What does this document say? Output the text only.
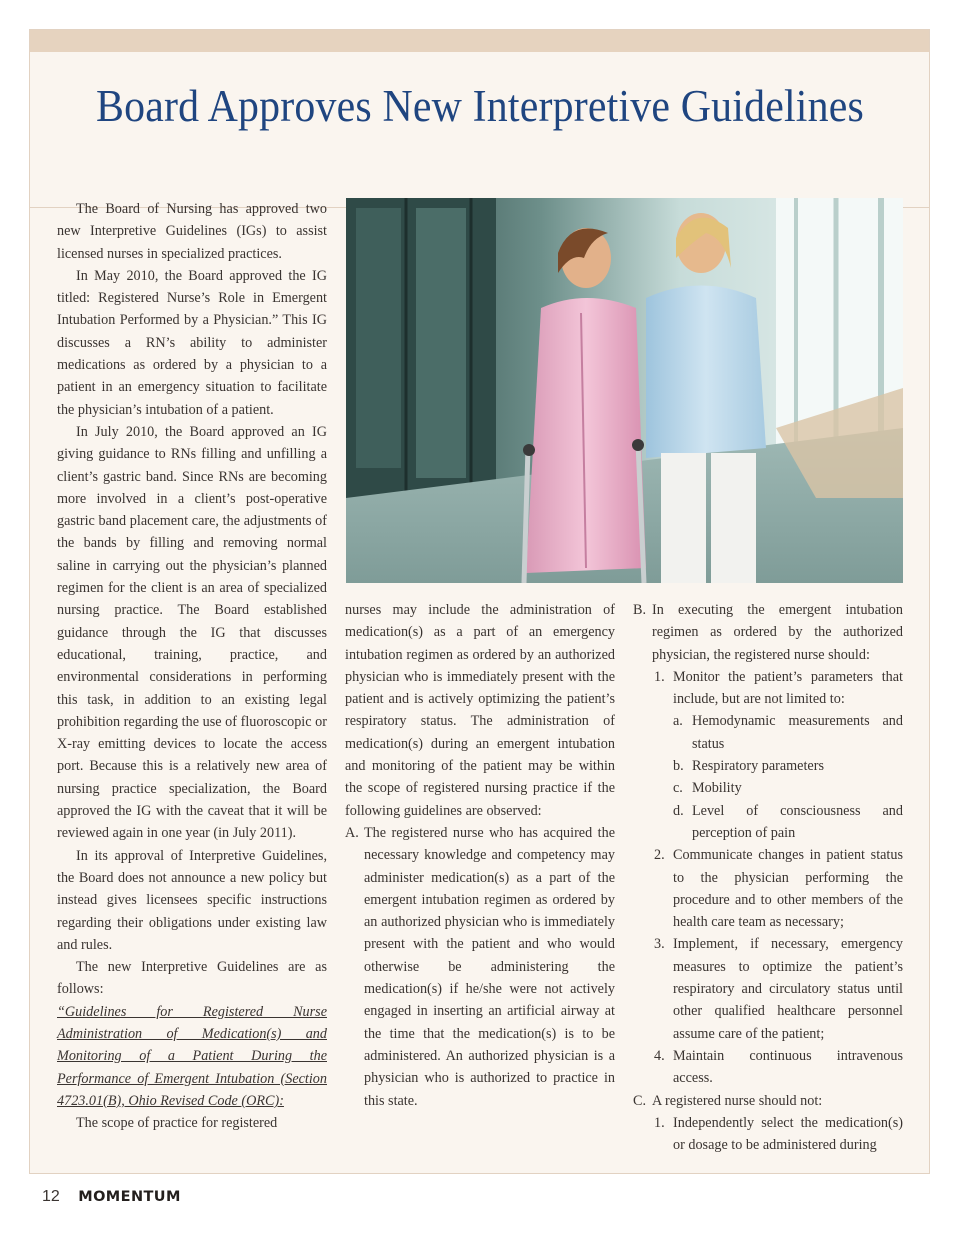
Board Approves New Interpretive Guidelines

The Board of Nursing has approved two new Interpretive Guidelines (IGs) to assist licensed nurses in specialized practices.

In May 2010, the Board approved the IG titled: Registered Nurse’s Role in Emergent Intubation Performed by a Physician.” This IG discusses a RN’s ability to administer medications as ordered by a physician to a patient in an emergency situation to facilitate the physician’s intubation of a patient.

In July 2010, the Board approved an IG giving guidance to RNs filling and unfilling a client’s gastric band. Since RNs are becoming more involved in a client’s post-operative gastric band placement care, the adjustments of the bands by filling and removing normal saline in carrying out the physician’s planned regimen for the client is an area of specialized nursing practice. The Board established guidance through the IG that discusses educational, training, practice, and environmental considerations in performing this task, in addition to an existing legal prohibition regarding the use of fluoroscopic or X-ray emitting devices to locate the access port. Because this is a relatively new area of nursing practice specialization, the Board approved the IG with the caveat that it will be reviewed again in one year (in July 2011).

In its approval of Interpretive Guidelines, the Board does not announce a new policy but instead gives licensees specific instructions regarding their obligations under existing law and rules.

The new Interpretive Guidelines are as follows:

“Guidelines for Registered Nurse Administration of Medication(s) and Monitoring of a Patient During the Performance of Emergent Intubation (Section 4723.01(B), Ohio Revised Code (ORC):

The scope of practice for registered

nurses may include the administration of medication(s) as a part of an emergency intubation regimen as ordered by an authorized physician who is immediately present with the patient and is actively optimizing the patient’s respiratory status. The administration of medication(s) during an emergent intubation and monitoring of the patient may be within the scope of registered nursing practice if the following guidelines are observed:

A. The registered nurse who has acquired the necessary knowledge and competency may administer medication(s) as a part of the emergent intubation regimen as ordered by an authorized physician who is immediately present with the patient and who would otherwise be administering the medication(s) if he/she were not actively engaged in inserting an artificial airway at the time that the medication(s) is to be administered. An authorized physician is a physician who is authorized to practice in this state.
B. In executing the emergent intubation regimen as ordered by the authorized physician, the registered nurse should:
1. Monitor the patient’s parameters that include, but are not limited to:
a. Hemodynamic measurements and status
b. Respiratory parameters
c. Mobility
d. Level of consciousness and perception of pain
2. Communicate changes in patient status to the physician performing the procedure and to other members of the health care team as necessary;
3. Implement, if necessary, emergency measures to optimize the patient’s respiratory and circulatory status until other qualified healthcare personnel assume care of the patient;
4. Maintain continuous intravenous access.
C. A registered nurse should not:
1. Independently select the medication(s) or dosage to be administered during
12 MOMENTUM
